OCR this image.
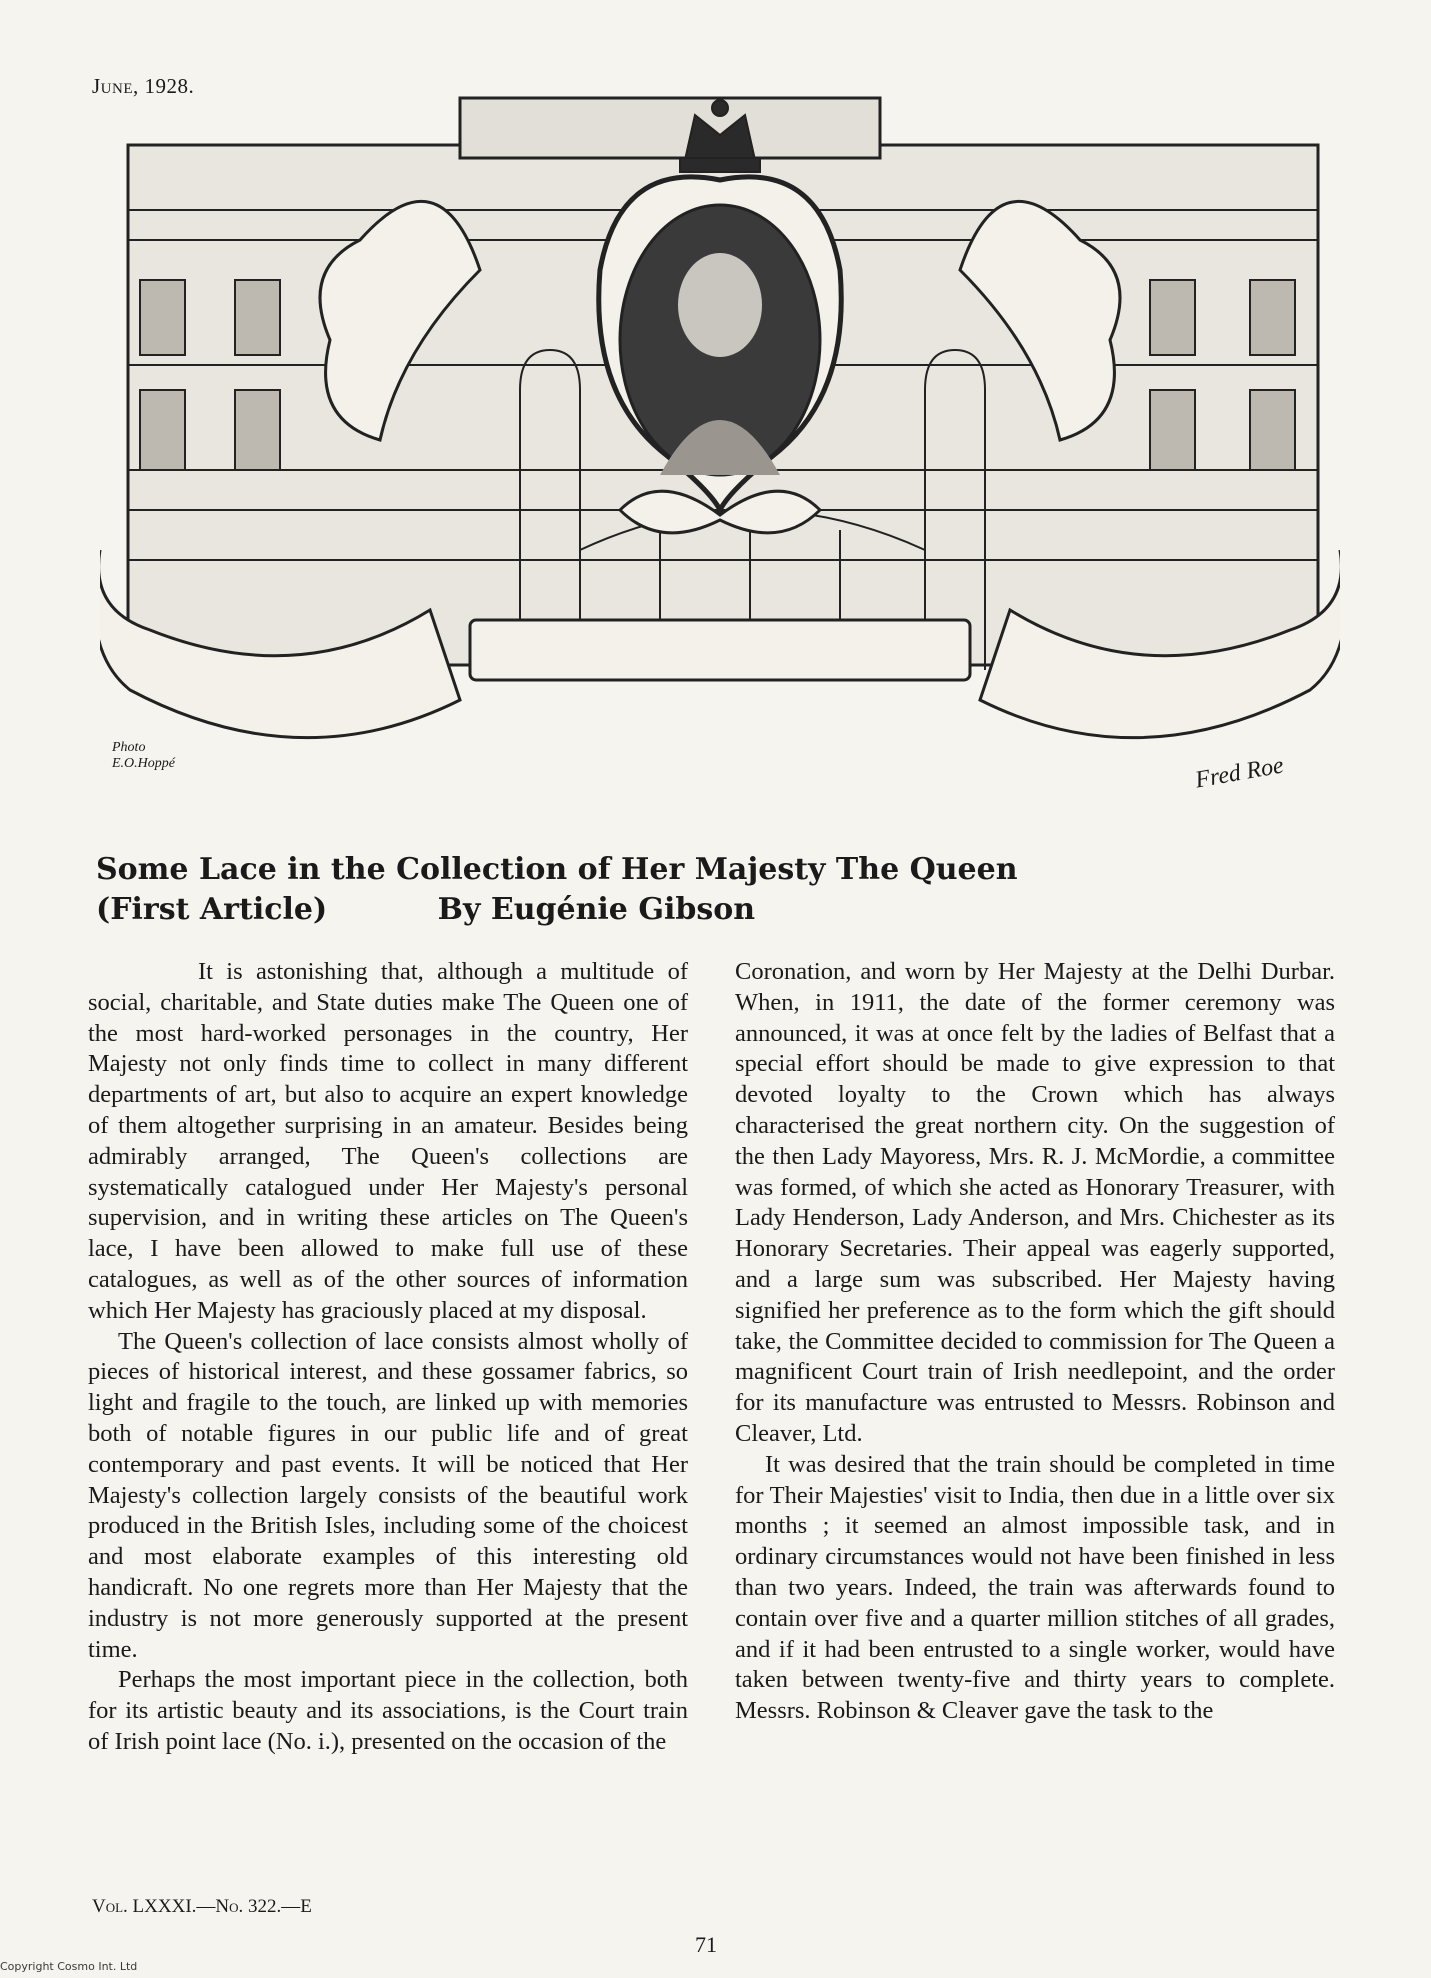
June, 1928.
Photo
E.O.Hoppé	Fred Roe
Some Lace in the Collection of Her Majesty The Queen
(First Article)	By Eugénie Gibson

It is astonishing that, although a multitude of social, charitable, and State duties make The Queen one of the most hard-worked personages in the country, Her Majesty not only finds time to collect in many different departments of art, but also to acquire an expert knowledge of them altogether surprising in an amateur. Besides being admirably arranged, The Queen's collections are systematically catalogued under Her Majesty's personal supervision, and in writing these articles on The Queen's lace, I have been allowed to make full use of these catalogues, as well as of the other sources of information which Her Majesty has graciously placed at my disposal.

The Queen's collection of lace consists almost wholly of pieces of historical interest, and these gossamer fabrics, so light and fragile to the touch, are linked up with memories both of notable figures in our public life and of great contemporary and past events. It will be noticed that Her Majesty's collection largely consists of the beautiful work produced in the British Isles, including some of the choicest and most elaborate examples of this interesting old handicraft. No one regrets more than Her Majesty that the industry is not more generously supported at the present time.

Perhaps the most important piece in the collection, both for its artistic beauty and its associations, is the Court train of Irish point lace (No. i.), presented on the occasion of the

Coronation, and worn by Her Majesty at the Delhi Durbar. When, in 1911, the date of the former ceremony was announced, it was at once felt by the ladies of Belfast that a special effort should be made to give expression to that devoted loyalty to the Crown which has always characterised the great northern city. On the suggestion of the then Lady Mayoress, Mrs. R. J. McMordie, a committee was formed, of which she acted as Honorary Treasurer, with Lady Henderson, Lady Anderson, and Mrs. Chichester as its Honorary Secretaries. Their appeal was eagerly supported, and a large sum was subscribed. Her Majesty having signified her preference as to the form which the gift should take, the Committee decided to commission for The Queen a magnificent Court train of Irish needlepoint, and the order for its manufacture was entrusted to Messrs. Robinson and Cleaver, Ltd.

It was desired that the train should be completed in time for Their Majesties' visit to India, then due in a little over six months ; it seemed an almost impossible task, and in ordinary circumstances would not have been finished in less than two years. Indeed, the train was afterwards found to contain over five and a quarter million stitches of all grades, and if it had been entrusted to a single worker, would have taken between twenty-five and thirty years to complete. Messrs. Robinson & Cleaver gave the task to the

Vol. LXXXI.—No. 322.—E
71
Copyright Cosmo Int. Ltd
